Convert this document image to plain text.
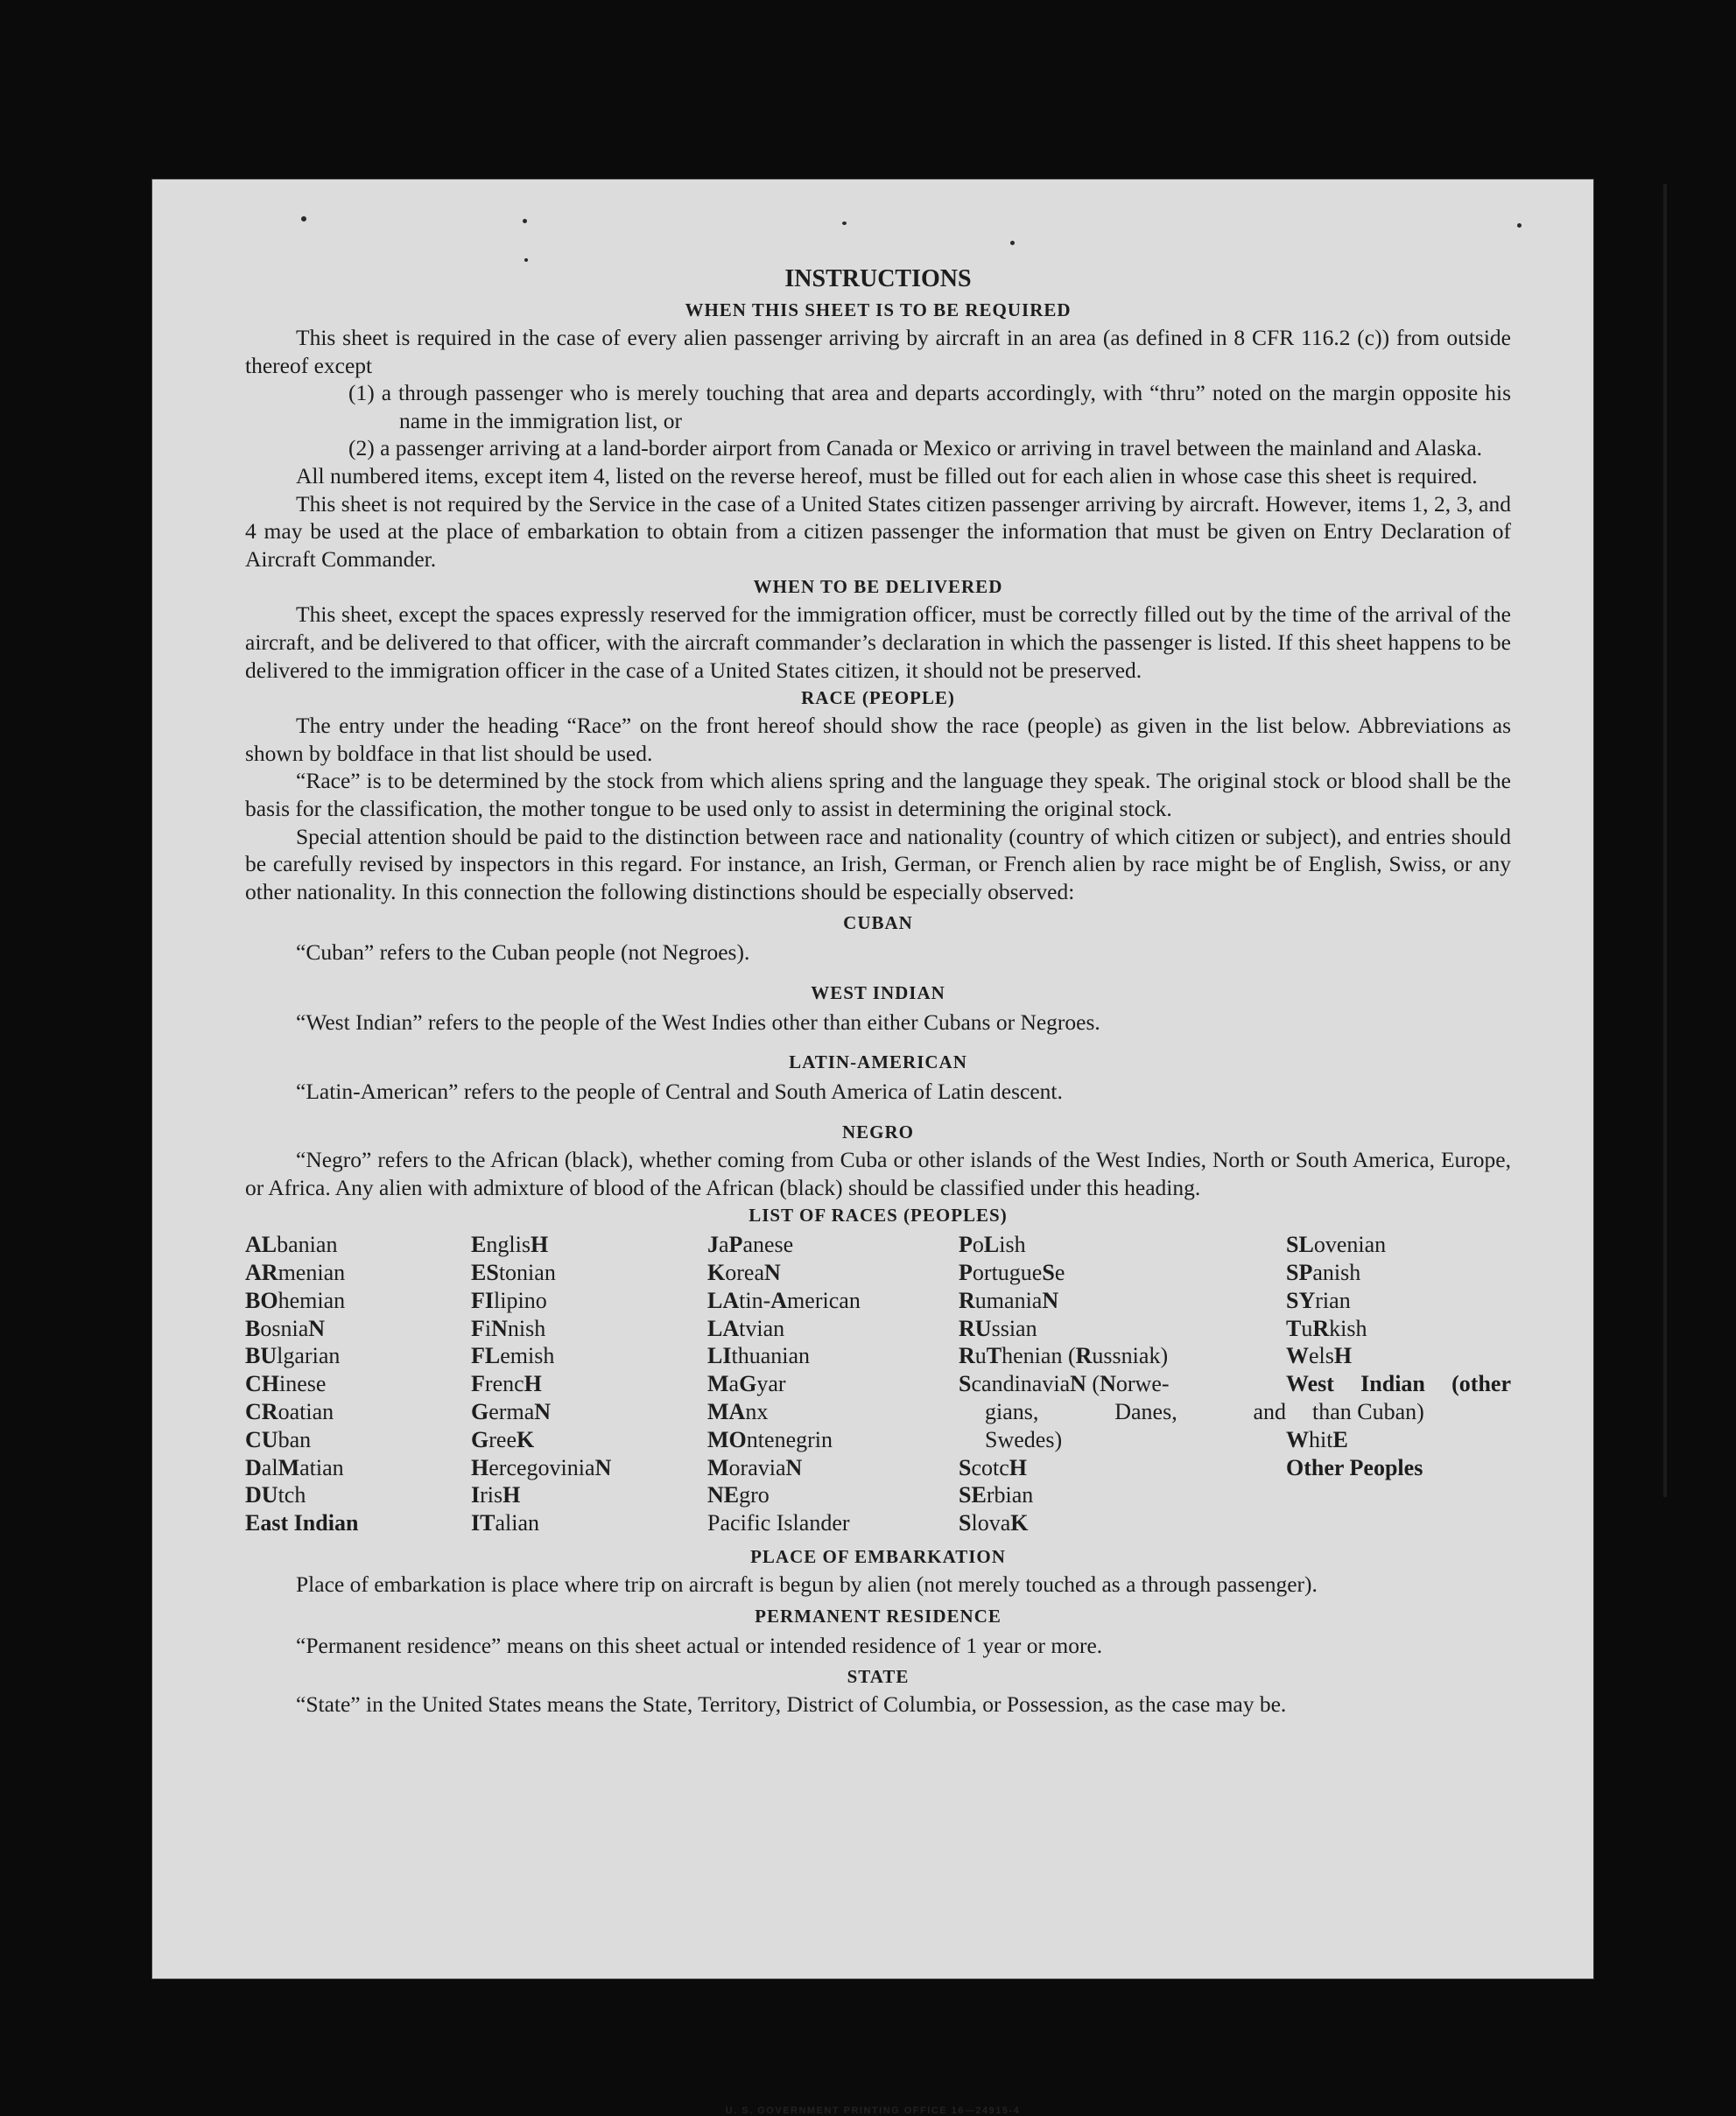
INSTRUCTIONS
WHEN THIS SHEET IS TO BE REQUIRED

This sheet is required in the case of every alien passenger arriving by aircraft in an area (as defined in 8 CFR 116.2 (c)) from outside thereof except

(1) a through passenger who is merely touching that area and departs accordingly, with “thru” noted on the margin opposite his name in the immigration list, or
(2) a passenger arriving at a land-border airport from Canada or Mexico or arriving in travel between the mainland and Alaska.

All numbered items, except item 4, listed on the reverse hereof, must be filled out for each alien in whose case this sheet is required.

This sheet is not required by the Service in the case of a United States citizen passenger arriving by aircraft. However, items 1, 2, 3, and 4 may be used at the place of embarkation to obtain from a citizen passenger the information that must be given on Entry Declaration of Aircraft Commander.

WHEN TO BE DELIVERED

This sheet, except the spaces expressly reserved for the immigration officer, must be correctly filled out by the time of the arrival of the aircraft, and be delivered to that officer, with the aircraft commander’s declaration in which the passenger is listed. If this sheet happens to be delivered to the immigration officer in the case of a United States citizen, it should not be preserved.

RACE (PEOPLE)

The entry under the heading “Race” on the front hereof should show the race (people) as given in the list below. Abbreviations as shown by boldface in that list should be used.

“Race” is to be determined by the stock from which aliens spring and the language they speak. The original stock or blood shall be the basis for the classification, the mother tongue to be used only to assist in determining the original stock.

Special attention should be paid to the distinction between race and nationality (country of which citizen or subject), and entries should be carefully revised by inspectors in this regard. For instance, an Irish, German, or French alien by race might be of English, Swiss, or any other nationality. In this connection the following distinctions should be especially observed:

CUBAN
“Cuban” refers to the Cuban people (not Negroes).
WEST INDIAN
“West Indian” refers to the people of the West Indies other than either Cubans or Negroes.
LATIN-AMERICAN
“Latin-American” refers to the people of Central and South America of Latin descent.
NEGRO

“Negro” refers to the African (black), whether coming from Cuba or other islands of the West Indies, North or South America, Europe, or Africa. Any alien with admixture of blood of the African (black) should be classified under this heading.

LIST OF RACES (PEOPLES)
ALbanian
ARmenian
BOhemian
BosniaN
BUlgarian
CHinese
CRoatian
CUban
DalMatian
DUtch
East Indian
EnglisH
EStonian
FIlipino
FiNnish
FLemish
FrencH
GermaN
GreeK
HercegoviniaN
IrisH
ITalian
JaPanese
KoreaN
LAtin-American
LAtvian
LIthuanian
MaGyar
MAnx
MOntenegrin
MoraviaN
NEgro
Pacific Islander
PoLish
PortugueSe
RumaniaN
RUssian
RuThenian (Russniak)
ScandinaviaN (Norwe-
gians,	Danes,	and
Swedes)
ScotcH
SErbian
SlovaK
SLovenian
SPanish
SYrian
TuRkish
WelsH
West Indian (other
than Cuban)
WhitE
Other Peoples
PLACE OF EMBARKATION

Place of embarkation is place where trip on aircraft is begun by alien (not merely touched as a through passenger).

PERMANENT RESIDENCE
“Permanent residence” means on this sheet actual or intended residence of 1 year or more.
STATE

“State” in the United States means the State, Territory, District of Columbia, or Possession, as the case may be.

U. S. GOVERNMENT PRINTING OFFICE 16—24915-4
